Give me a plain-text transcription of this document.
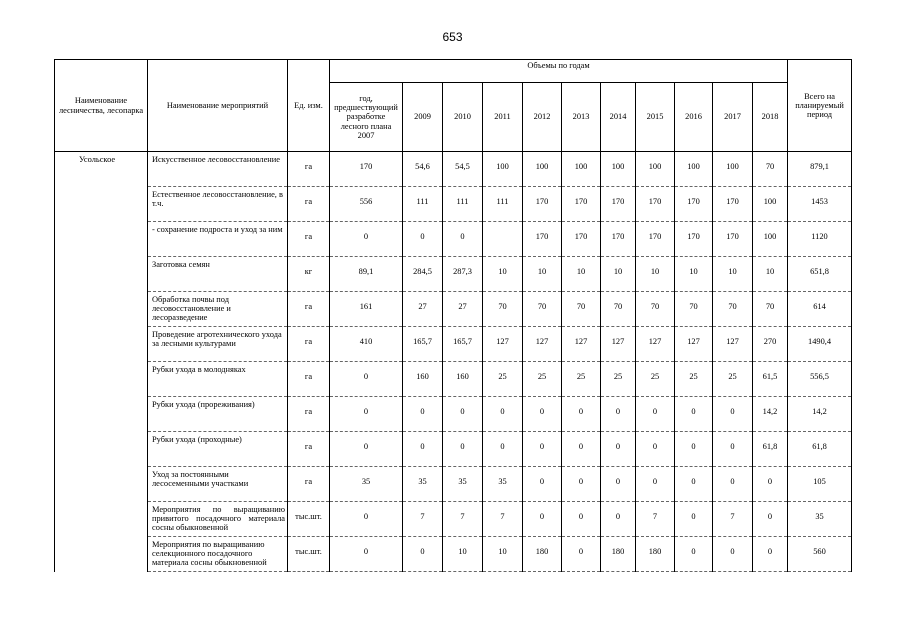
653
Наименование лесничества, лесопарка	Наименование мероприятий	Ед. изм.	Объемы по годам											Всего на планируемый период
			год, предшествующий разработке лесного плана 2007	2009	2010	2011	2012	2013	2014	2015	2016	2017	2018	
Усольское	Искусственное лесовосстановление	га	170	54,6	54,5	100	100	100	100	100	100	100	70	879,1
	Естественное лесовосстановление, в т.ч.	га	556	111	111	111	170	170	170	170	170	170	100	1453
	- сохранение подроста и уход за ним	га	0	0	0		170	170	170	170	170	170	100	1120
	Заготовка семян	кг	89,1	284,5	287,3	10	10	10	10	10	10	10	10	651,8
	Обработка почвы под лесовосстановление и лесоразведение	га	161	27	27	70	70	70	70	70	70	70	70	614
	Проведение агротехнического ухода за лесными культурами	га	410	165,7	165,7	127	127	127	127	127	127	127	270	1490,4
	Рубки ухода в молодняках	га	0	160	160	25	25	25	25	25	25	25	61,5	556,5
	Рубки ухода (прореживания)	га	0	0	0	0	0	0	0	0	0	0	14,2	14,2
	Рубки ухода (проходные)	га	0	0	0	0	0	0	0	0	0	0	61,8	61,8
	Уход за постоянными лесосеменными участками	га	35	35	35	35	0	0	0	0	0	0	0	105
	Мероприятия по выращиванию привитого посадочного материала сосны обыкновенной	тыс.шт.	0	7	7	7	0	0	0	7	0	7	0	35
	Мероприятия по выращиванию селекционного посадочного материала сосны обыкновенной	тыс.шт.	0	0	10	10	180	0	180	180	0	0	0	560
